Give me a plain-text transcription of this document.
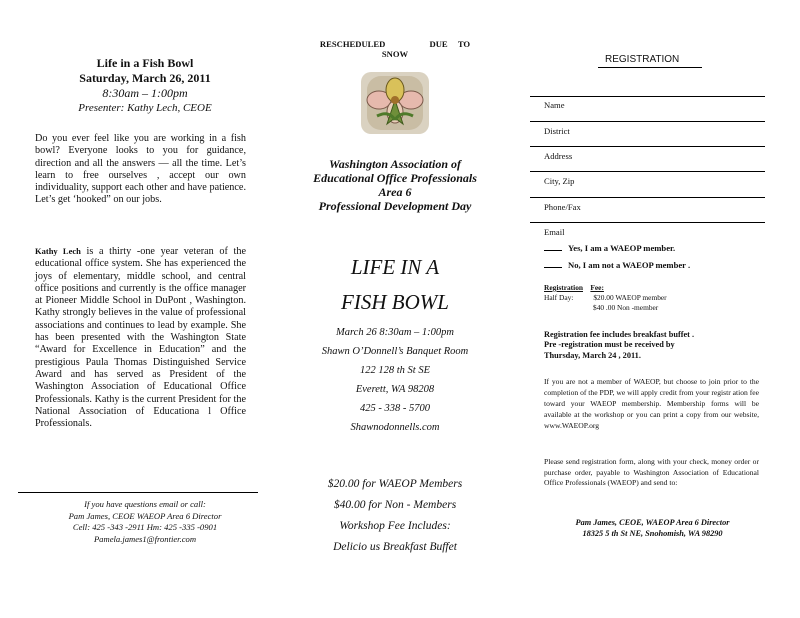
Life in a Fish Bowl
Saturday, March 26, 2011
8:30am – 1:00pm
Presenter: Kathy Lech, CEOE
Do you ever feel like you are working in a fish bowl? Everyone looks to you for guidance, direction and all the answers — all the time. Let’s learn to free ourselves , accept our own individuality, support each other and have patience. Let’s get ‘hooked” on our jobs.
Kathy Lech is a thirty -one year veteran of the educational office system. She has experienced the joys of elementary, middle school, and central office positions and currently is the office manager at Pioneer Middle School in DuPont , Washington. Kathy strongly believes in the value of professional associations and continues to lead by example. She has been presented with the Washington State “Award for Excellence in Education” and the prestigious Paula Thomas Distinguished Service Award and has served as President of the Washington Association of Educational Office Professionals. Kathy is the current President for the National Association of Educationa l Office Professionals.
If you have questions email or call:
Pam James, CEOE WAEOP Area 6 Director
Cell: 425 -343 -2911 Hm: 425 -335 -0901
Pamela.james1@frontier.com
RESCHEDULED	DUE TO SNOW
Washington Association of
Educational Office Professionals
Area 6
Professional Development Day
LIFE IN A
FISH BOWL
March 26 8:30am – 1:00pm
Shawn O’Donnell’s Banquet Room
122 128 th St SE
Everett, WA 98208
425 - 338 - 5700
Shawnodonnells.com
$20.00 for WAEOP Members
$40.00 for Non - Members
Workshop Fee Includes:
Delicio us Breakfast Buffet
REGISTRATION
Name
District
Address
City, Zip
Phone/Fax
Email
Yes, I am a WAEOP member.
No, I am not a WAEOP member .
Registration Fee:
Half Day:	$20.00 WAEOP member
$40 .00 Non -member
Registration fee includes breakfast buffet .
Pre -registration must be received by
Thursday, March 24 , 2011.
If you are not a member of WAEOP, but choose to join prior to the completion of the PDP, we will apply credit from your registr ation fee toward your WAEOP membership. Membership forms will be available at the workshop or you can print a copy from our website, www.WAEOP.org
Please send registration form, along with your check, money order or purchase order, payable to Washington Association of Educational Office Professionals (WAEOP) and send to:
Pam James, CEOE, WAEOP Area 6 Director
18325 5 th St NE, Snohomish, WA 98290
